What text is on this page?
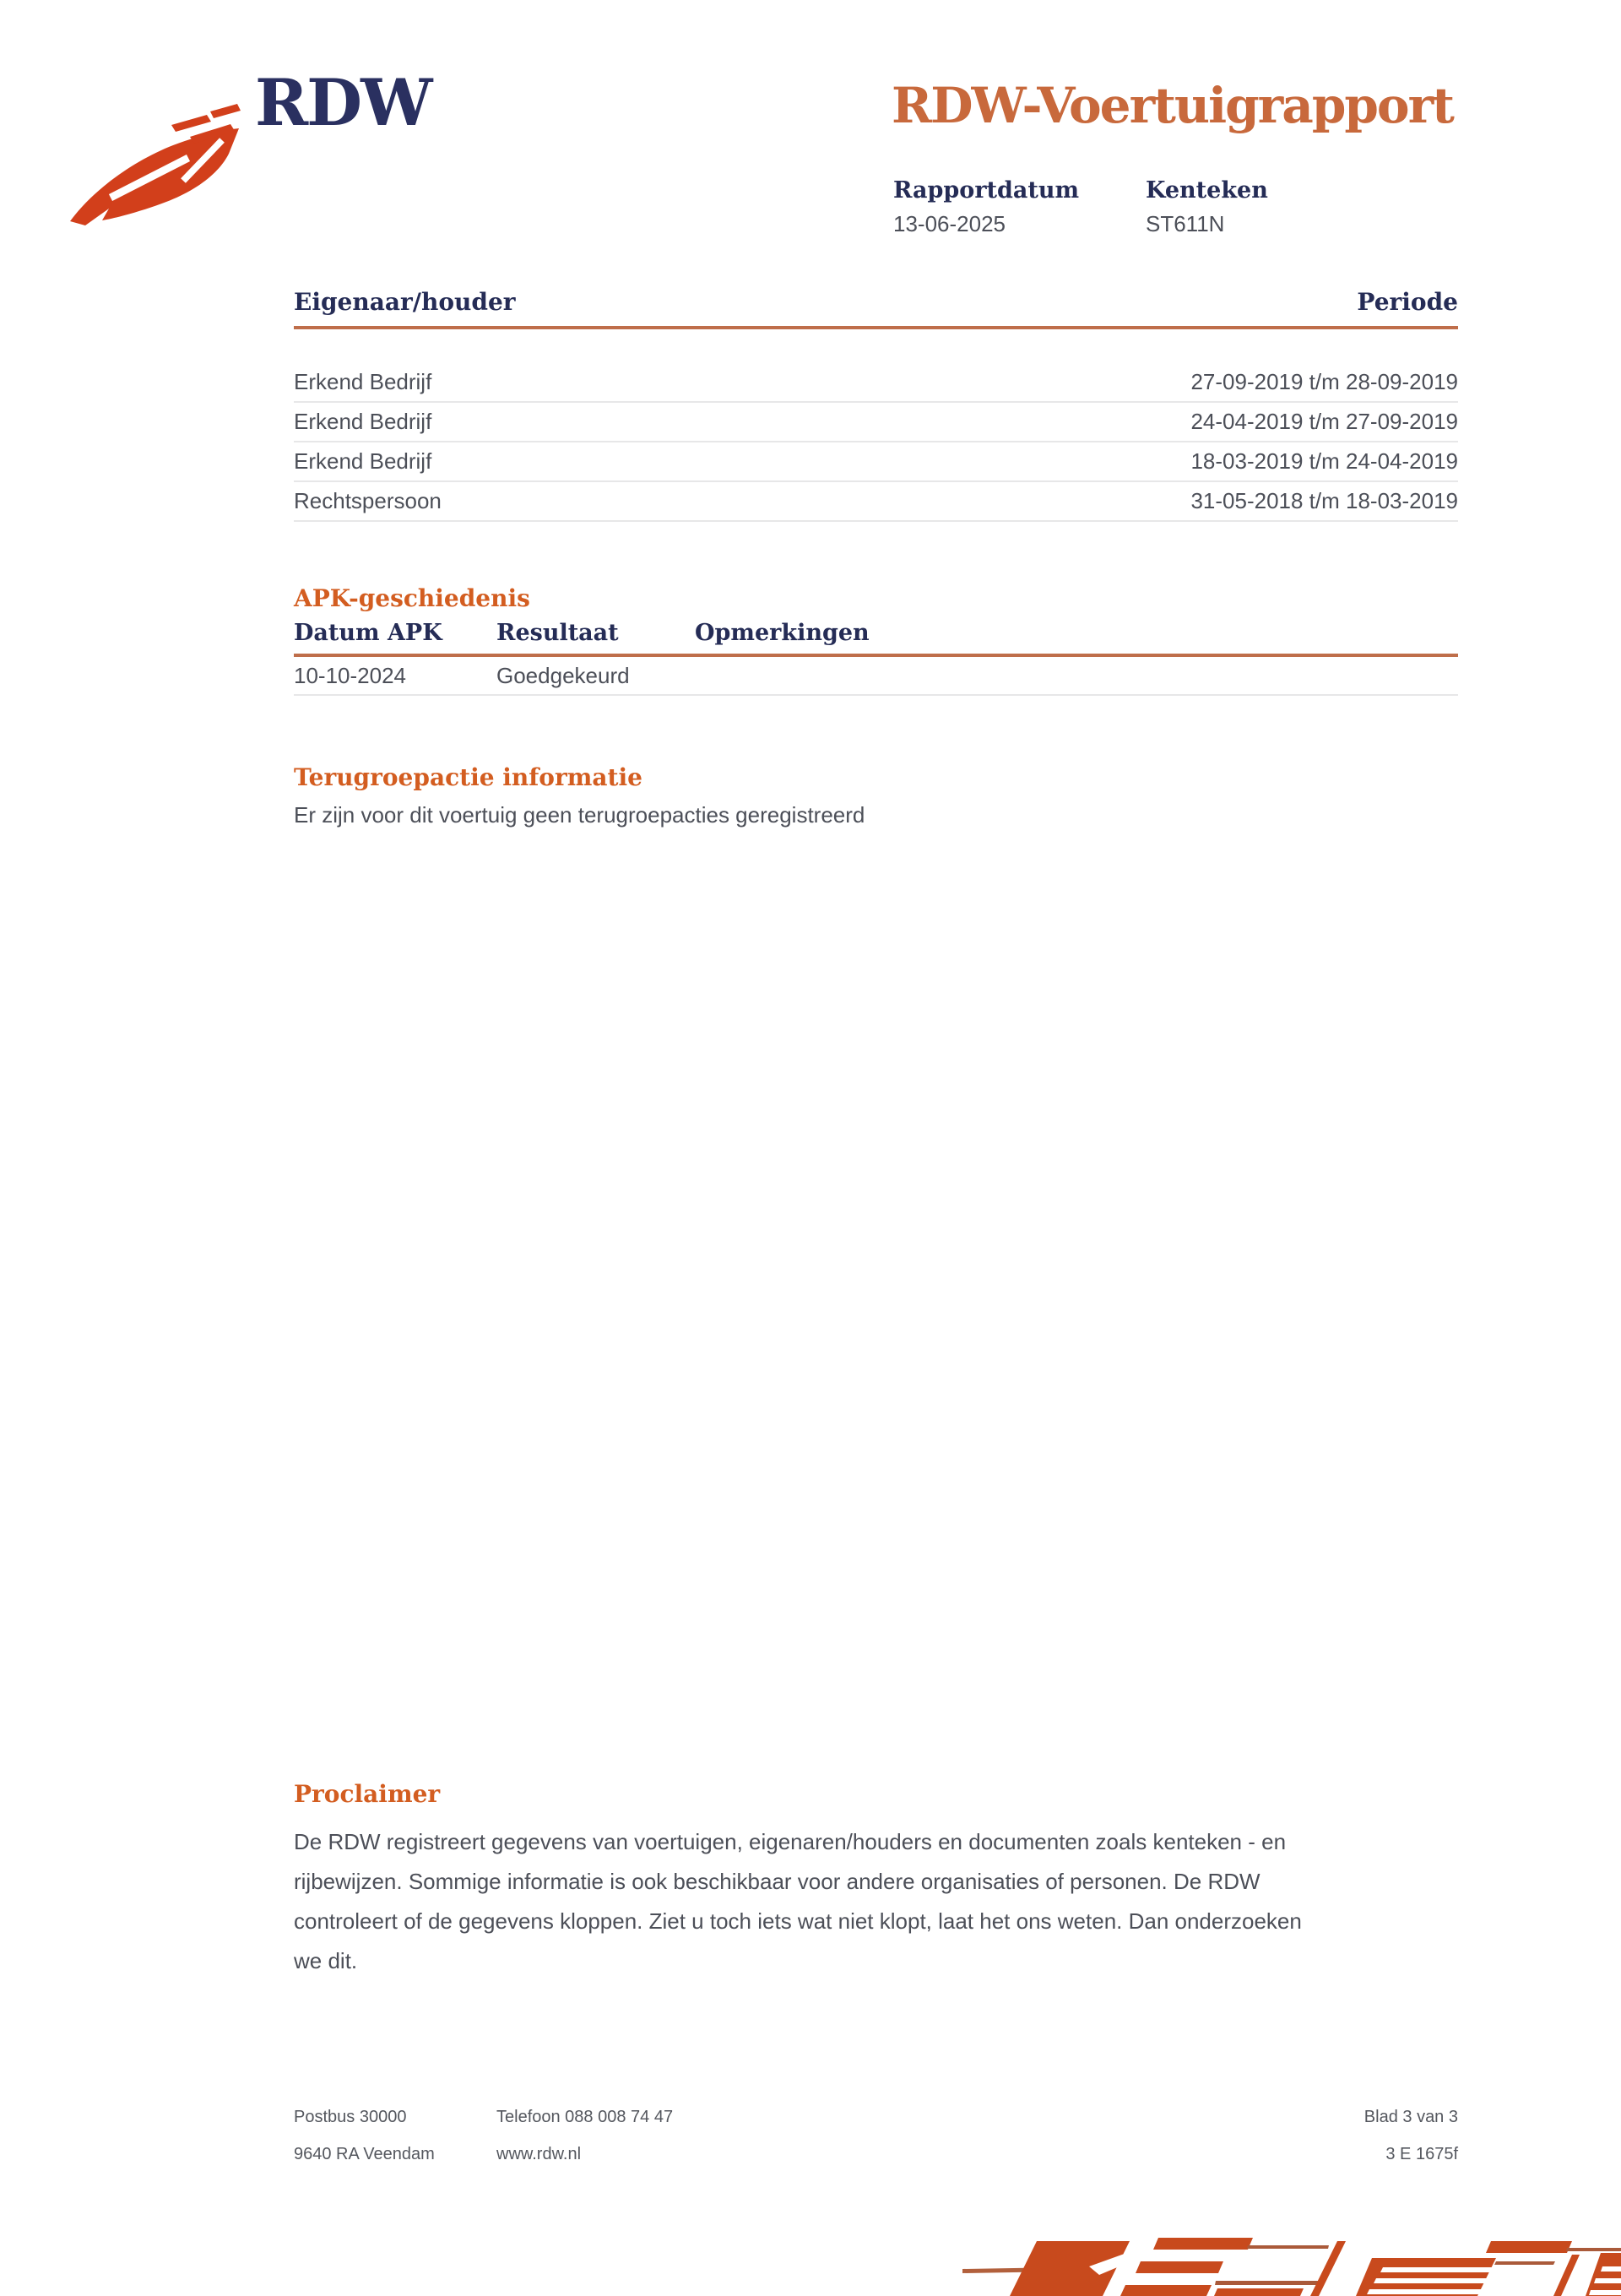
RDW	RDW-Voertuigrapport
Rapportdatum	Kenteken
13-06-2025	ST611N
Eigenaar/houder	Periode
Erkend Bedrijf	27-09-2019 t/m 28-09-2019
Erkend Bedrijf	24-04-2019 t/m 27-09-2019
Erkend Bedrijf	18-03-2019 t/m 24-04-2019
Rechtspersoon	31-05-2018 t/m 18-03-2019
APK-geschiedenis
Datum APK	Resultaat	Opmerkingen
10-10-2024	Goedgekeurd
Terugroepactie informatie
Er zijn voor dit voertuig geen terugroepacties geregistreerd
Proclaimer
De RDW registreert gegevens van voertuigen, eigenaren/houders en documenten zoals kenteken - en
rijbewijzen. Sommige informatie is ook beschikbaar voor andere organisaties of personen. De RDW
controleert of de gegevens kloppen. Ziet u toch iets wat niet klopt, laat het ons weten. Dan onderzoeken
we dit.
Postbus 30000	Telefoon 088 008 74 47	Blad 3 van 3
9640 RA Veendam	www.rdw.nl	3 E 1675f
